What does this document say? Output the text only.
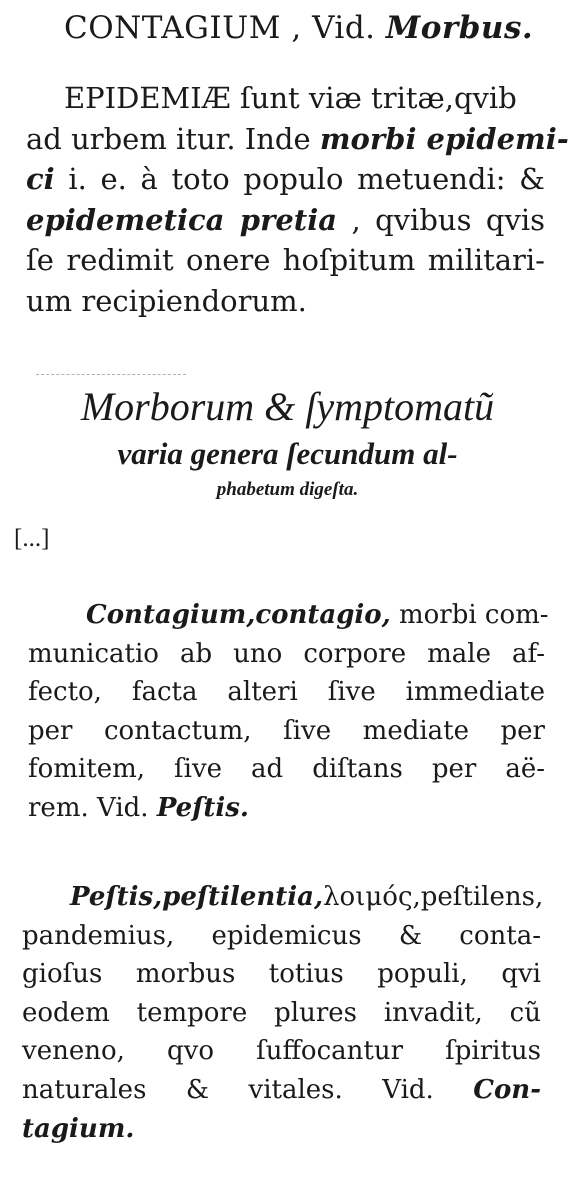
CONTAGIUM , Vid. Morbus.
EPIDEMIÆ ſunt viæ tritæ,qvib
ad urbem itur. Inde morbi epidemi-
ci i. e. à toto populo metuendi: &
epidemetica pretia , qvibus qvis
ſe redimit onere hoſpitum militari-
um recipiendorum.
Morborum & ſymptomatũ
varia genera ſecundum al-
phabetum digeſta.
[...]
Contagium,contagio, morbi com-
municatio ab uno corpore male af-
fecto, facta alteri ſive immediate
per contactum, ſive mediate per
fomitem, ſive ad diſtans per aë-
rem. Vid. Peſtis.
Peſtis,peſtilentia,λοιμός,peſtilens,
pandemius, epidemicus & conta-
gioſus morbus totius populi, qvi
eodem tempore plures invadit, cũ
veneno, qvo ſuffocantur ſpiritus
naturales & vitales. Vid. Con-
tagium.
